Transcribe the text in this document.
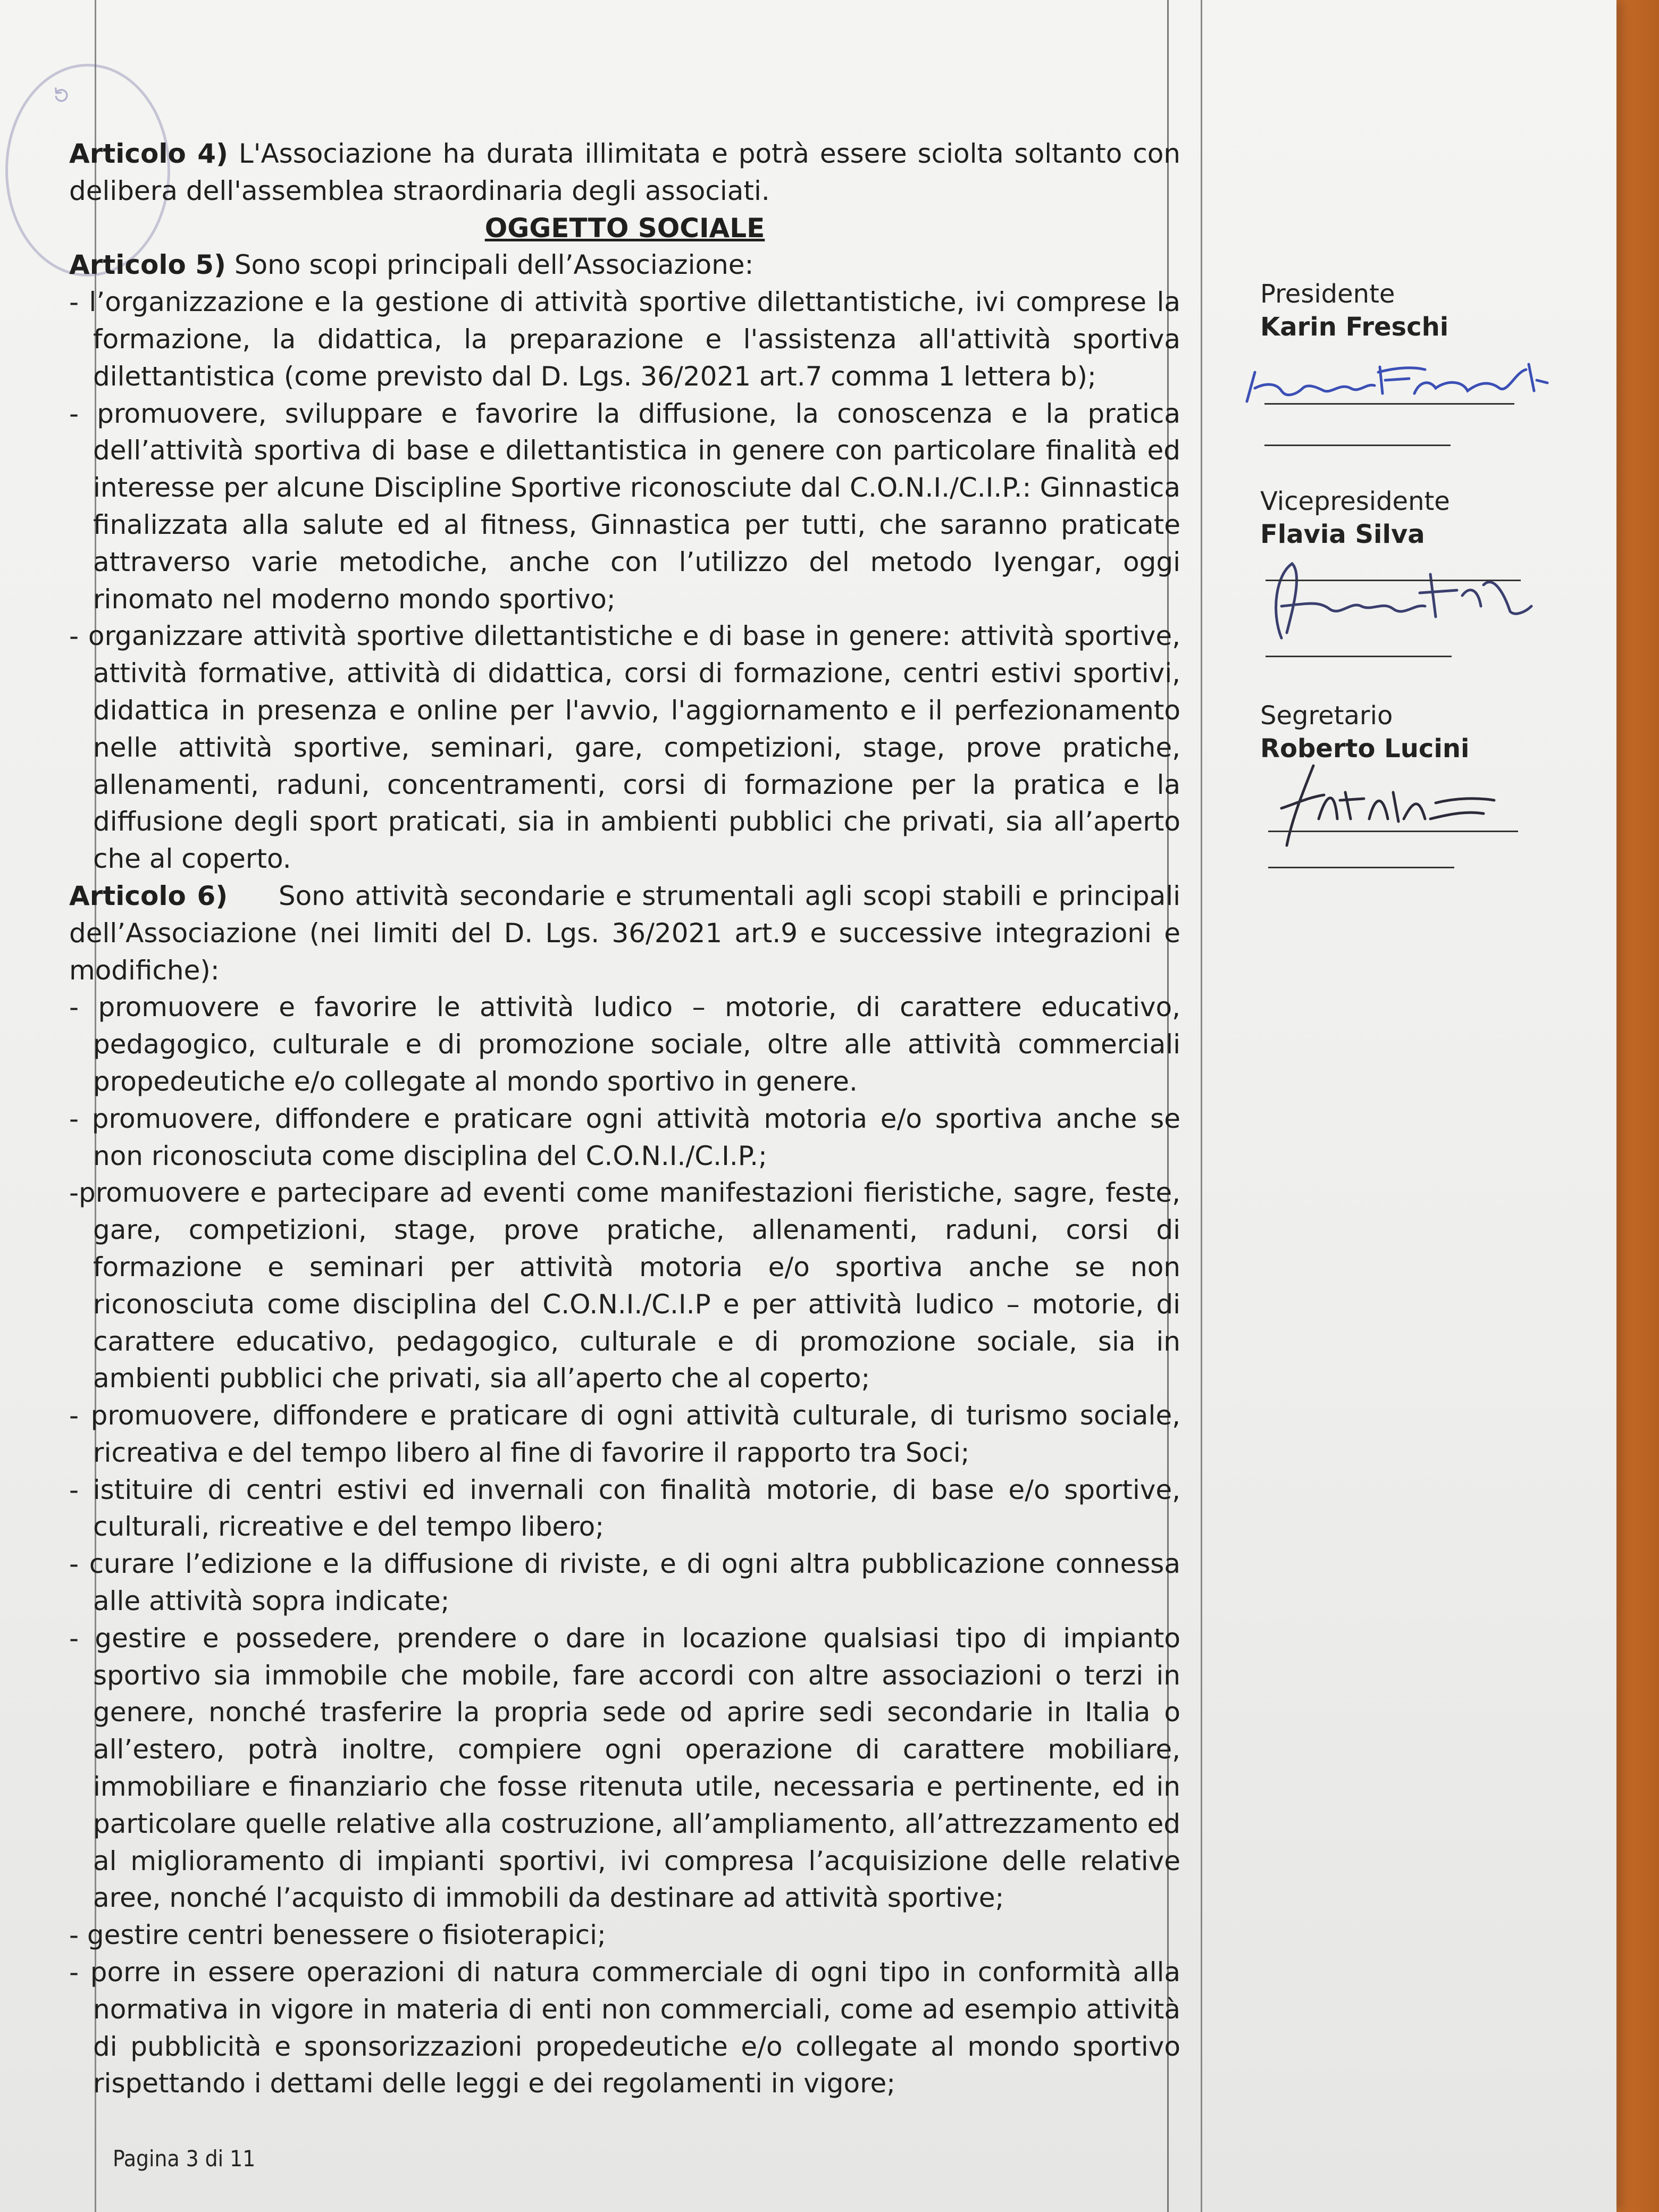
⟲

Articolo 4) L'Associazione ha durata illimitata e potrà essere sciolta soltanto con delibera dell'assemblea straordinaria degli associati.

OGGETTO SOCIALE

Articolo 5) Sono scopi principali dell’Associazione:

- l’organizzazione e la gestione di attività sportive dilettantistiche, ivi comprese la formazione, la didattica, la preparazione e l'assistenza all'attività sportiva dilettantistica (come previsto dal D. Lgs. 36/2021 art.7 comma 1 lettera b);

- promuovere, sviluppare e favorire la diffusione, la conoscenza e la pratica dell’attività sportiva di base e dilettantistica in genere con particolare finalità ed interesse per alcune Discipline Sportive riconosciute dal C.O.N.I./C.I.P.: Ginnastica finalizzata alla salute ed al fitness, Ginnastica per tutti, che saranno praticate attraverso varie metodiche, anche con l’utilizzo del metodo Iyengar, oggi rinomato nel moderno mondo sportivo;

- organizzare attività sportive dilettantistiche e di base in genere: attività sportive, attività formative, attività di didattica, corsi di formazione, centri estivi sportivi, didattica in presenza e online per l'avvio, l'aggiornamento e il perfezionamento nelle attività sportive, seminari, gare, competizioni, stage, prove pratiche, allenamenti, raduni, concentramenti, corsi di formazione per la pratica e la diffusione degli sport praticati, sia in ambienti pubblici che privati, sia all’aperto che al coperto.

Articolo 6)     Sono attività secondarie e strumentali agli scopi stabili e principali dell’Associazione (nei limiti del D. Lgs. 36/2021 art.9 e successive integrazioni e modifiche):

- promuovere e favorire le attività ludico – motorie, di carattere educativo, pedagogico, culturale e di promozione sociale, oltre alle attività commerciali propedeutiche e/o collegate al mondo sportivo in genere.

- promuovere, diffondere e praticare ogni attività motoria e/o sportiva anche se non riconosciuta come disciplina del C.O.N.I./C.I.P.;

-promuovere e partecipare ad eventi come manifestazioni fieristiche, sagre, feste, gare, competizioni, stage, prove pratiche, allenamenti, raduni, corsi di formazione e seminari per attività motoria e/o sportiva anche se non riconosciuta come disciplina del C.O.N.I./C.I.P e per attività ludico – motorie, di carattere educativo, pedagogico, culturale e di promozione sociale, sia in ambienti pubblici che privati, sia all’aperto che al coperto;

- promuovere, diffondere e praticare di ogni attività culturale, di turismo sociale, ricreativa e del tempo libero al fine di favorire il rapporto tra Soci;

- istituire di centri estivi ed invernali con finalità motorie, di base e/o sportive, culturali, ricreative e del tempo libero;

- curare l’edizione e la diffusione di riviste, e di ogni altra pubblicazione connessa alle attività sopra indicate;

- gestire e possedere, prendere o dare in locazione qualsiasi tipo di impianto sportivo sia immobile che mobile, fare accordi con altre associazioni o terzi in genere, nonché trasferire la propria sede od aprire sedi secondarie in Italia o all’estero, potrà inoltre, compiere ogni operazione di carattere mobiliare, immobiliare e finanziario che fosse ritenuta utile, necessaria e pertinente, ed in particolare quelle relative alla costruzione, all’ampliamento, all’attrezzamento ed al miglioramento di impianti sportivi, ivi compresa l’acquisizione delle relative aree, nonché l’acquisto di immobili da destinare ad attività sportive;

- gestire centri benessere o fisioterapici;

- porre in essere operazioni di natura commerciale di ogni tipo in conformità alla normativa in vigore in materia di enti non commerciali, come ad esempio attività di pubblicità e sponsorizzazioni propedeutiche e/o collegate al mondo sportivo rispettando i dettami delle leggi e dei regolamenti in vigore;

Presidente
Karin Freschi
Vicepresidente
Flavia Silva
Segretario
Roberto Lucini
Pagina 3 di 11
